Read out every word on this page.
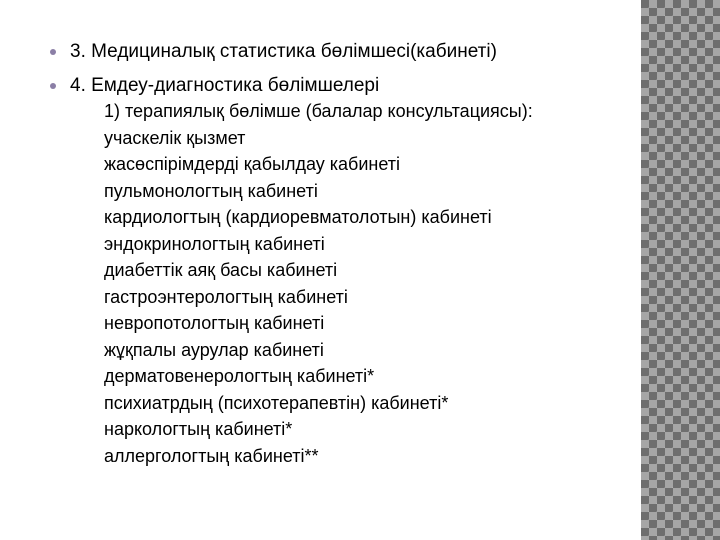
3. Медициналық статистика бөлімшесі(кабинеті)
4. Емдеу-диагностика бөлімшелері
1) терапиялық бөлімше (балалар консультациясы):
учаскелік қызмет
жасөспірімдерді қабылдау кабинеті
пульмонологтың кабинеті
кардиологтың (кардиоревматолотын) кабинеті
эндокринологтың кабинеті
диабеттік аяқ басы кабинеті
гастроэнтерологтың кабинеті
невропотологтың кабинеті
жұқпалы аурулар кабинеті
дерматовенерологтың кабинеті*
психиатрдың (психотерапевтін) кабинеті*
наркологтың кабинеті*
аллергологтың кабинеті**
